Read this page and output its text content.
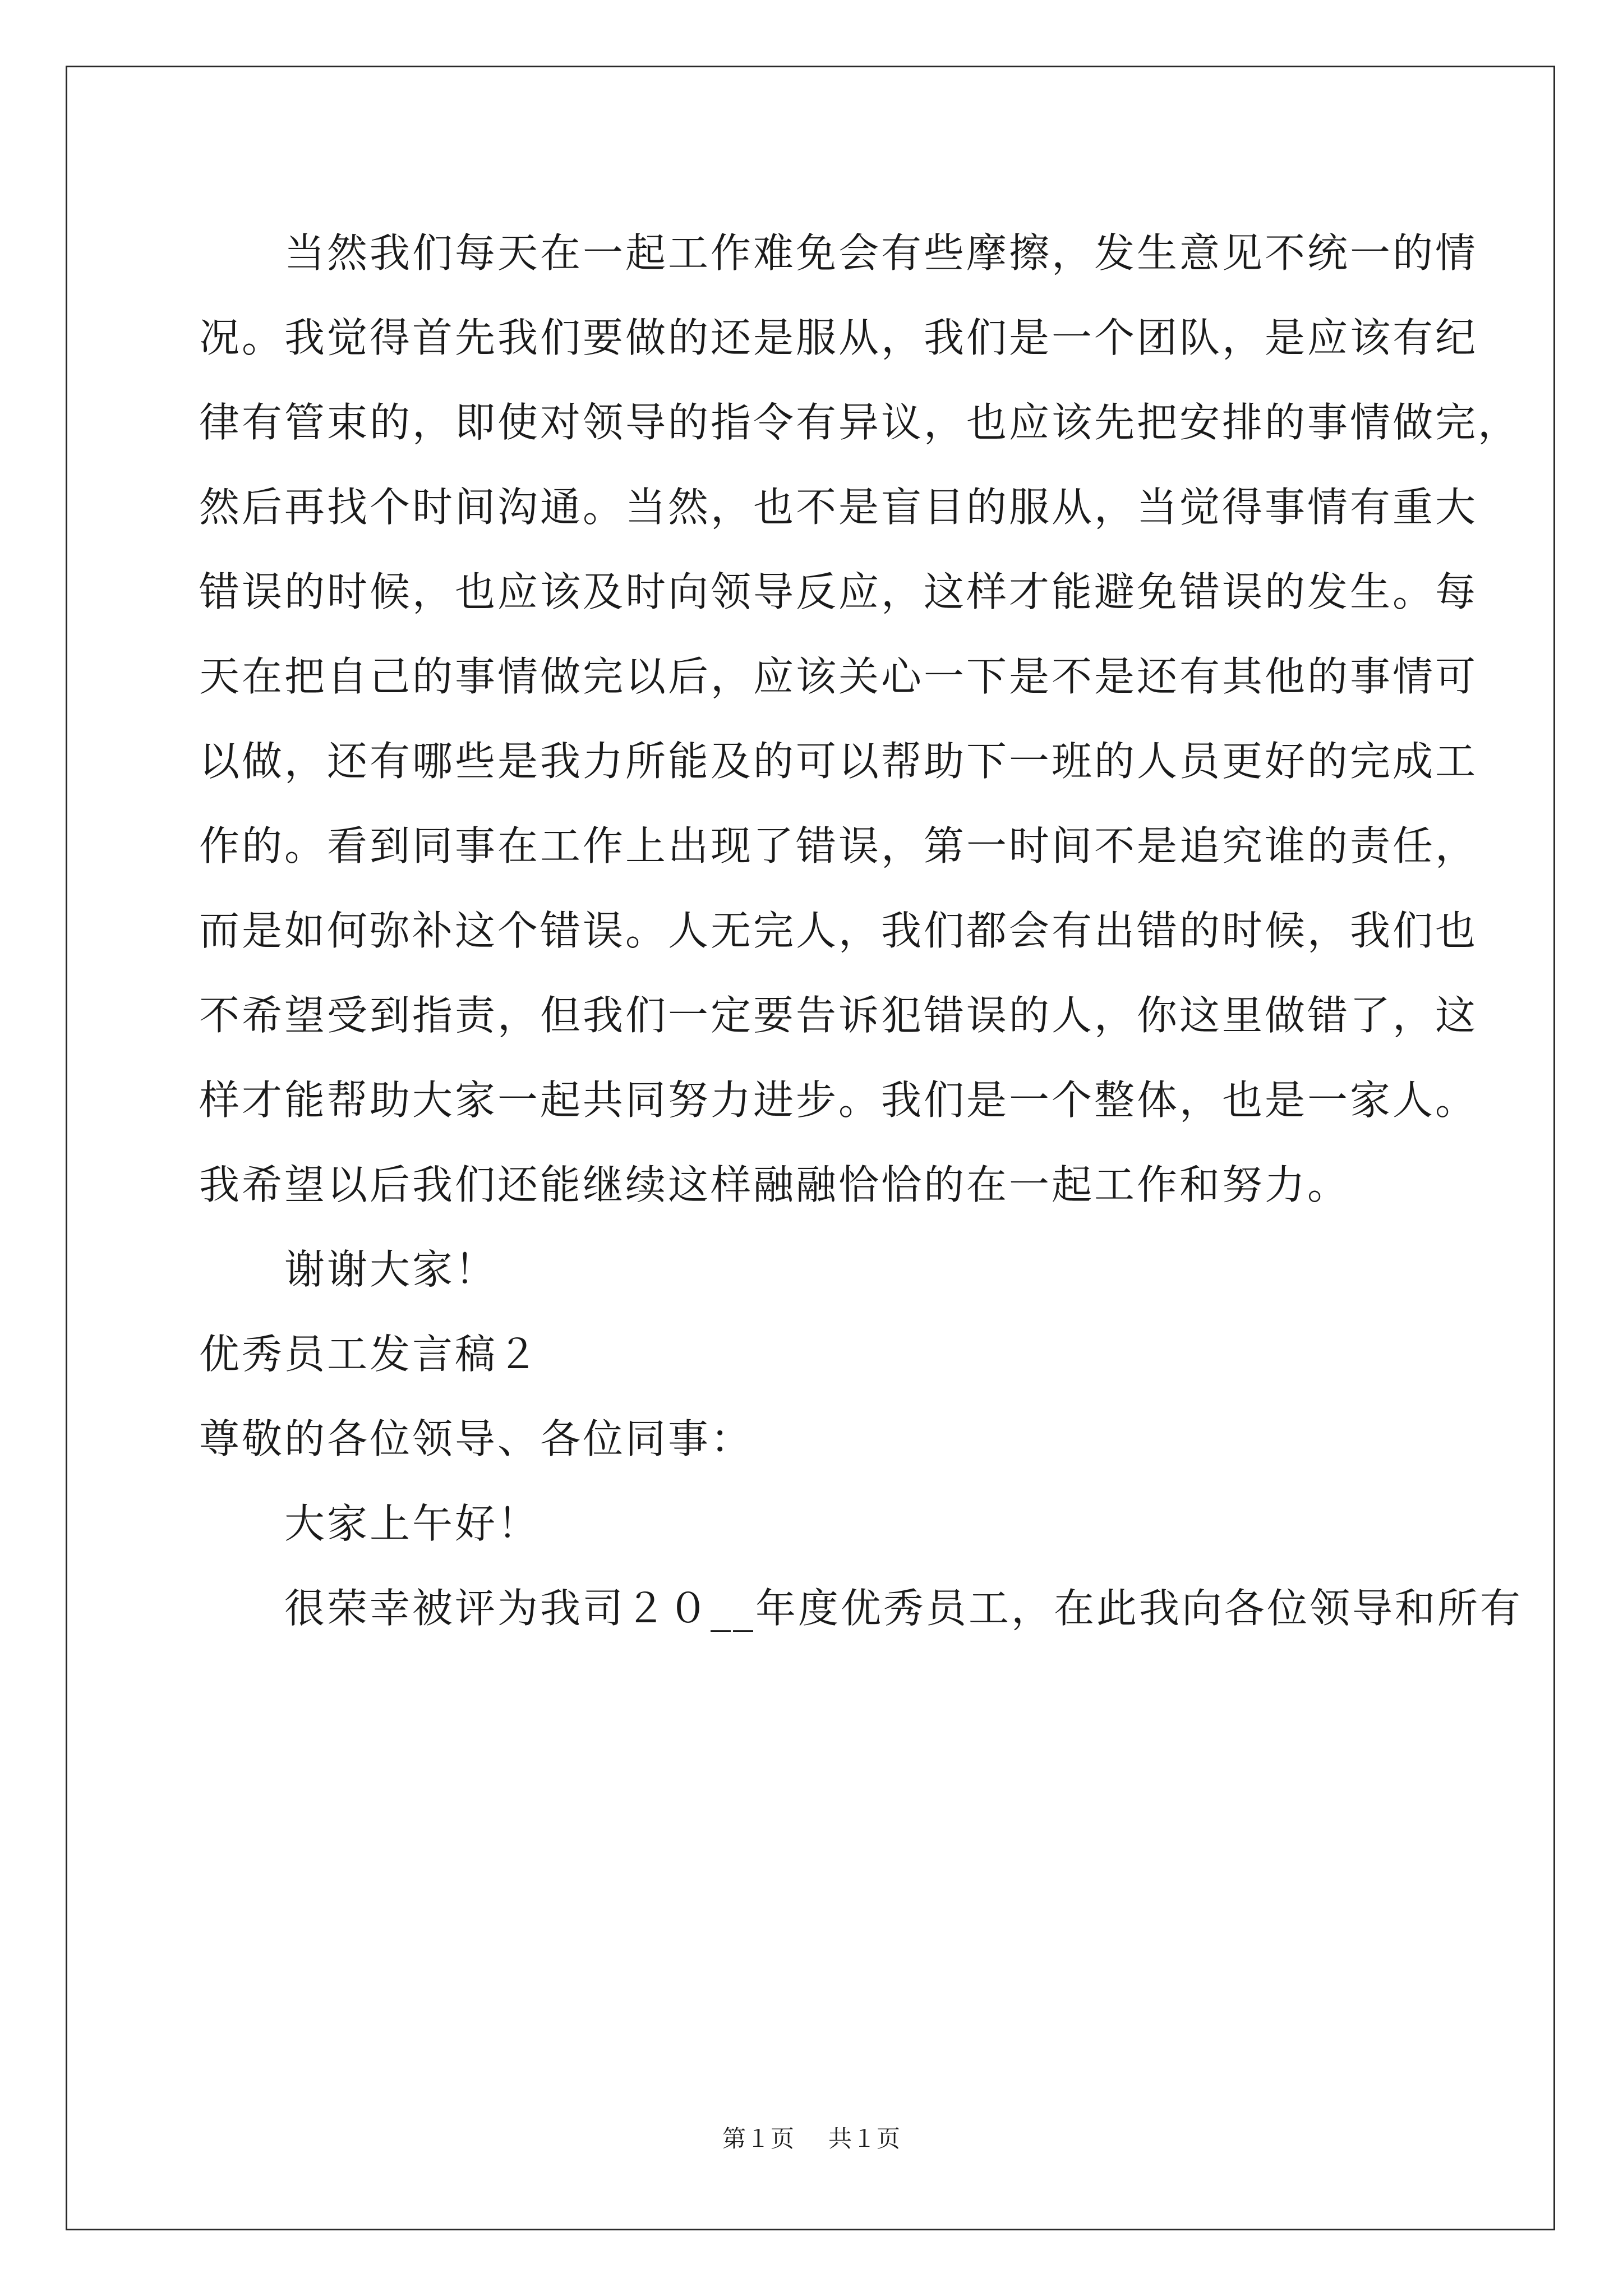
　　当然我们每天在一起工作难免会有些摩擦，发生意见不统一的情

况。我觉得首先我们要做的还是服从，我们是一个团队，是应该有纪

律有管束的，即使对领导的指令有异议，也应该先把安排的事情做完，

然后再找个时间沟通。当然，也不是盲目的服从，当觉得事情有重大

错误的时候，也应该及时向领导反应，这样才能避免错误的发生。每

天在把自己的事情做完以后，应该关心一下是不是还有其他的事情可

以做，还有哪些是我力所能及的可以帮助下一班的人员更好的完成工

作的。看到同事在工作上出现了错误，第一时间不是追究谁的责任，

而是如何弥补这个错误。人无完人，我们都会有出错的时候，我们也

不希望受到指责，但我们一定要告诉犯错误的人，你这里做错了，这

样才能帮助大家一起共同努力进步。我们是一个整体，也是一家人。

我希望以后我们还能继续这样融融恰恰的在一起工作和努力。

　　谢谢大家！

优秀员工发言稿２

尊敬的各位领导、各位同事：

　　大家上午好！

　　很荣幸被评为我司２０__年度优秀员工，在此我向各位领导和所有

第１页 共１页
